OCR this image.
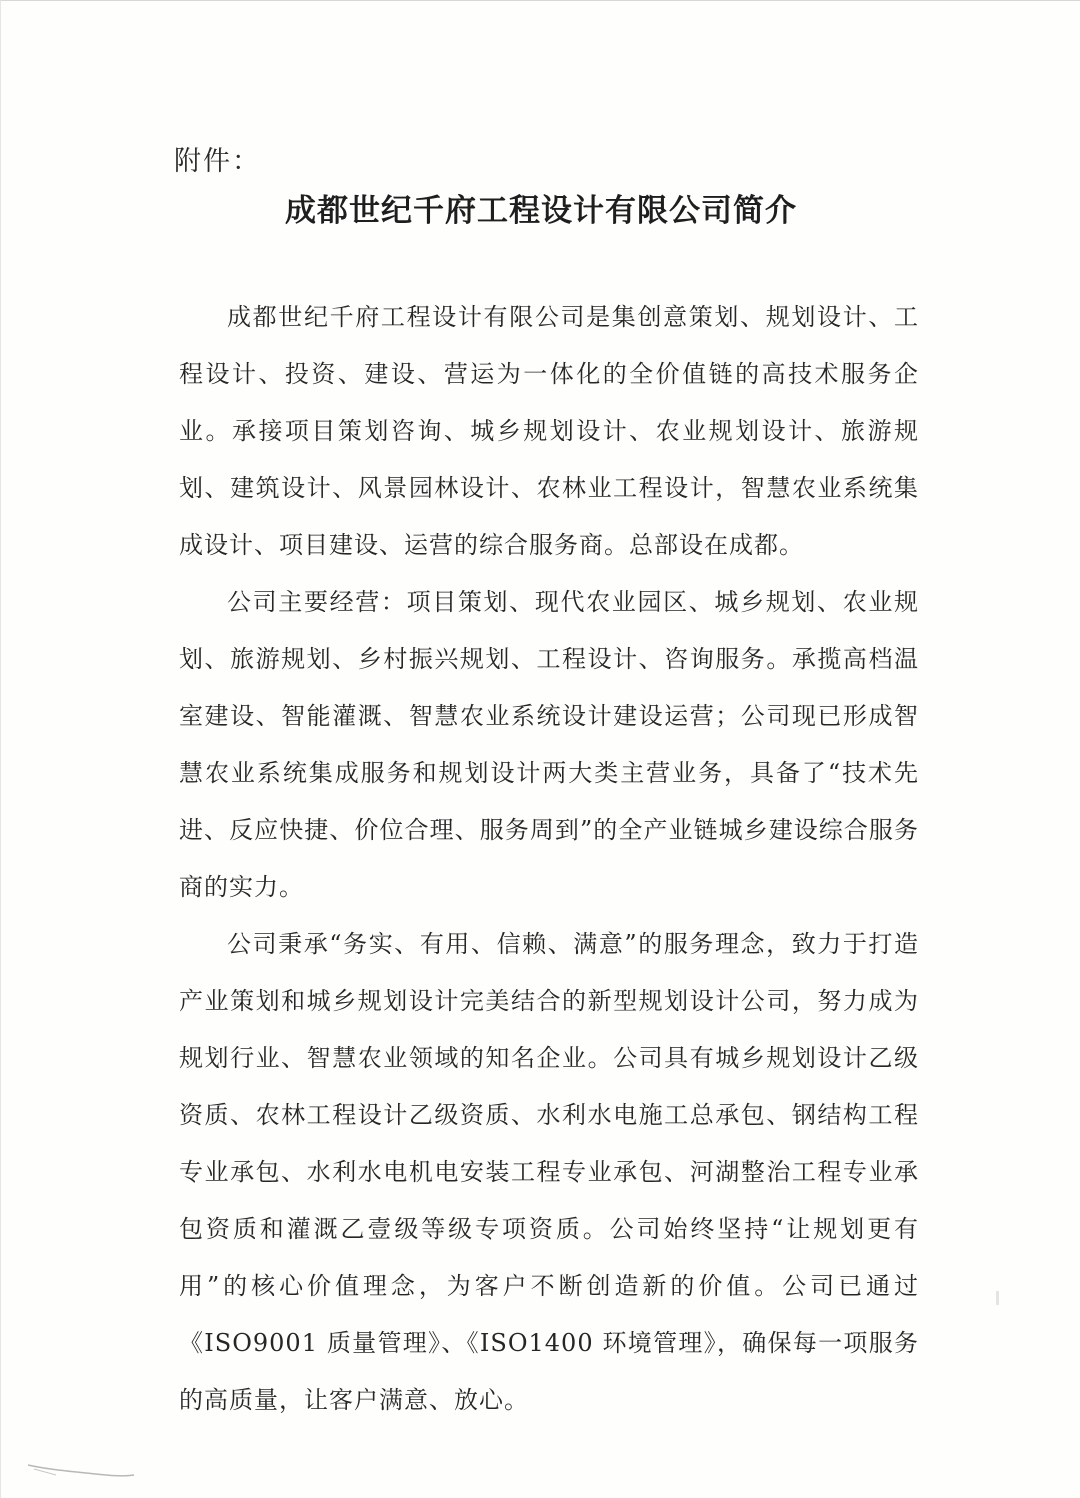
附件：
成都世纪千府工程设计有限公司简介

成都世纪千府工程设计有限公司是集创意策划、规划设计、工程设计、投资、建设、营运为一体化的全价值链的高技术服务企业。承接项目策划咨询、城乡规划设计、农业规划设计、旅游规划、建筑设计、风景园林设计、农林业工程设计，智慧农业系统集成设计、项目建设、运营的综合服务商。总部设在成都。

公司主要经营：项目策划、现代农业园区、城乡规划、农业规划、旅游规划、乡村振兴规划、工程设计、咨询服务。承揽高档温室建设、智能灌溉、智慧农业系统设计建设运营；公司现已形成智慧农业系统集成服务和规划设计两大类主营业务，具备了“技术先进、反应快捷、价位合理、服务周到”的全产业链城乡建设综合服务商的实力。

公司秉承“务实、有用、信赖、满意”的服务理念，致力于打造产业策划和城乡规划设计完美结合的新型规划设计公司，努力成为规划行业、智慧农业领域的知名企业。公司具有城乡规划设计乙级资质、农林工程设计乙级资质、水利水电施工总承包、钢结构工程专业承包、水利水电机电安装工程专业承包、河湖整治工程专业承包资质和灌溉乙壹级等级专项资质。公司始终坚持“让规划更有用”的核心价值理念，为客户不断创造新的价值。公司已通过《ISO9001 质量管理》、《ISO1400 环境管理》，确保每一项服务的高质量，让客户满意、放心。
